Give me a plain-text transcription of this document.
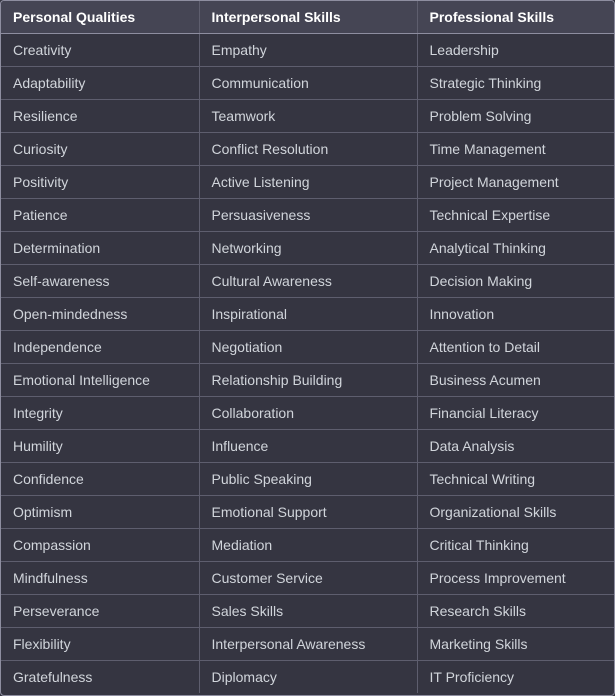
Personal Qualities	Interpersonal Skills	Professional Skills
Creativity	Empathy	Leadership
Adaptability	Communication	Strategic Thinking
Resilience	Teamwork	Problem Solving
Curiosity	Conflict Resolution	Time Management
Positivity	Active Listening	Project Management
Patience	Persuasiveness	Technical Expertise
Determination	Networking	Analytical Thinking
Self-awareness	Cultural Awareness	Decision Making
Open-mindedness	Inspirational	Innovation
Independence	Negotiation	Attention to Detail
Emotional Intelligence	Relationship Building	Business Acumen
Integrity	Collaboration	Financial Literacy
Humility	Influence	Data Analysis
Confidence	Public Speaking	Technical Writing
Optimism	Emotional Support	Organizational Skills
Compassion	Mediation	Critical Thinking
Mindfulness	Customer Service	Process Improvement
Perseverance	Sales Skills	Research Skills
Flexibility	Interpersonal Awareness	Marketing Skills
Gratefulness	Diplomacy	IT Proficiency
